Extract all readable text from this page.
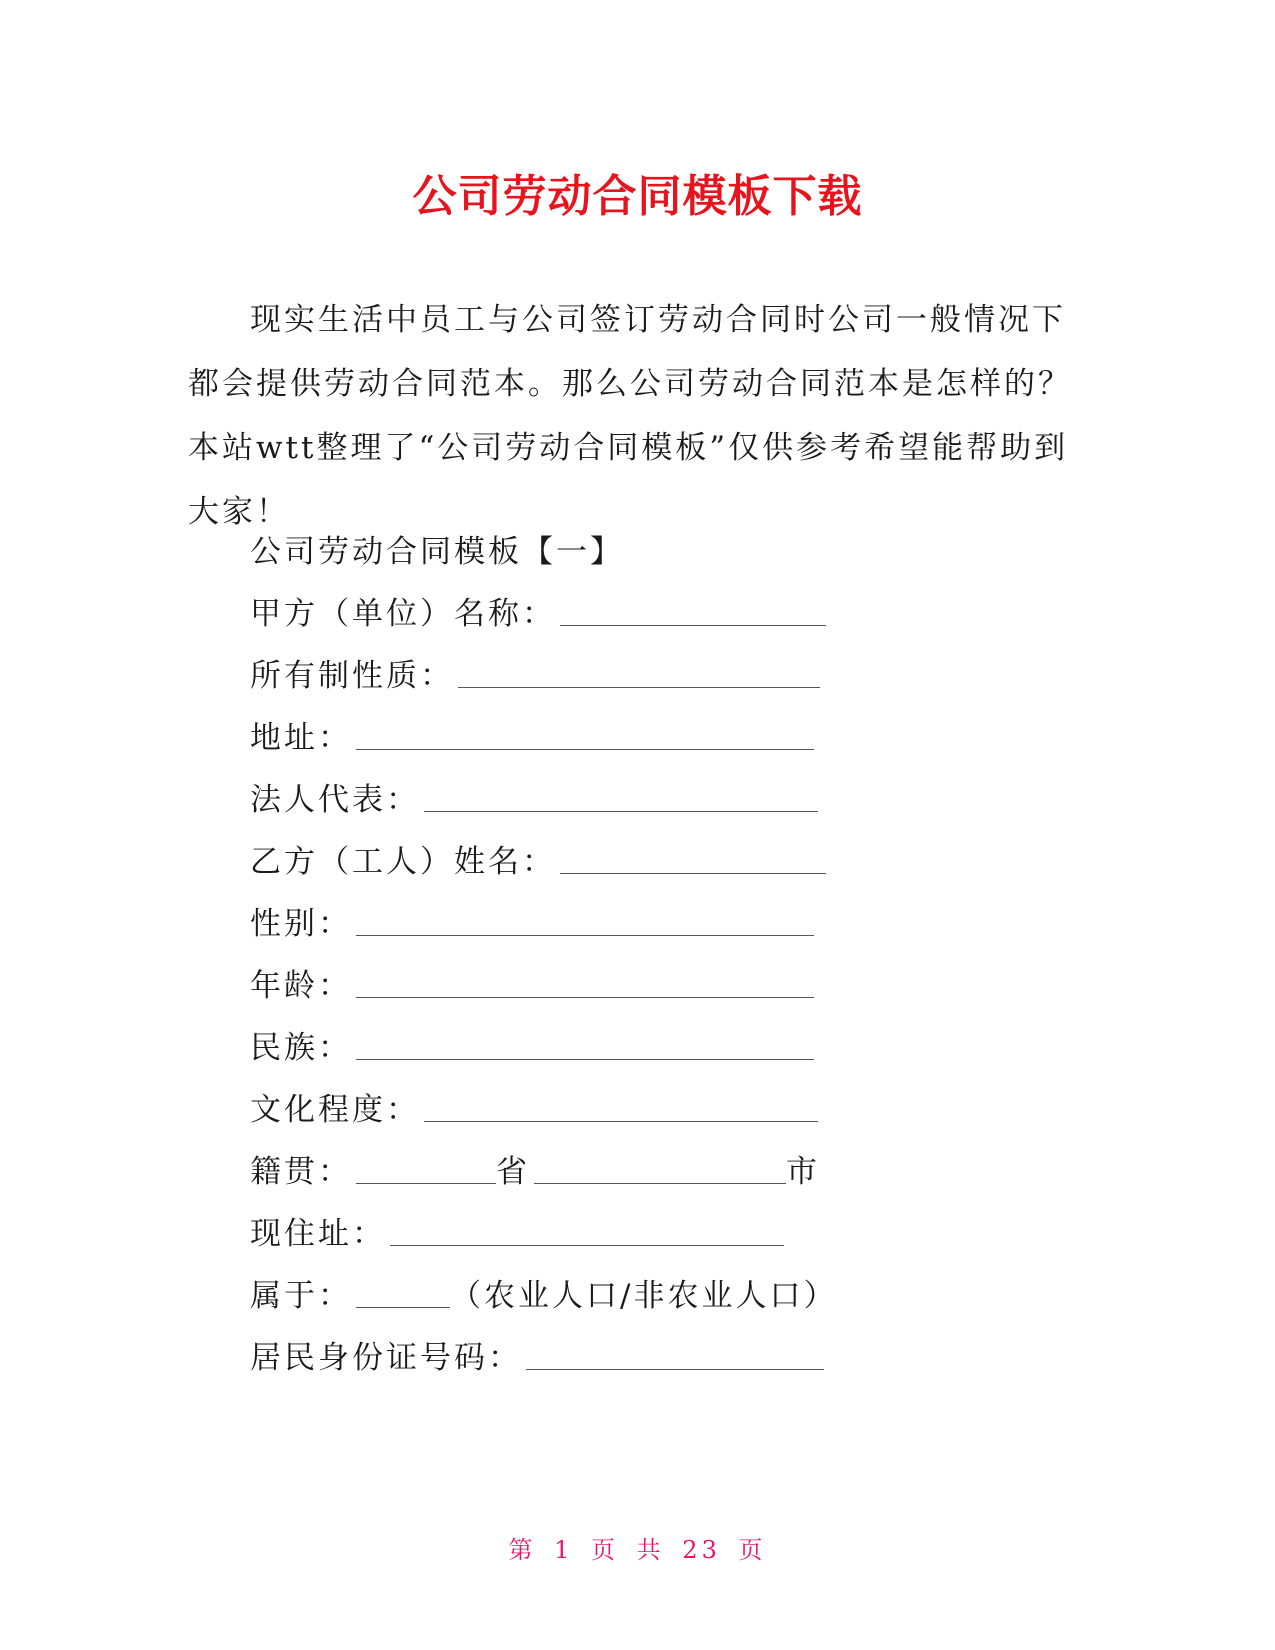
公司劳动合同模板下载

现实生活中员工与公司签订劳动合同时公司一般情况下都会提供劳动合同范本。那么公司劳动合同范本是怎样的？本站wtt整理了“公司劳动合同模板”仅供参考希望能帮助到大家！

公司劳动合同模板【一】
甲方（单位）名称：
所有制性质：
地址：
法人代表：
乙方（工人）姓名：
性别：
年龄：
民族：
文化程度：
籍贯：	省	市
现住址：
属于：	（农业人口/非农业人口）
居民身份证号码：
第 1 页 共 23 页
